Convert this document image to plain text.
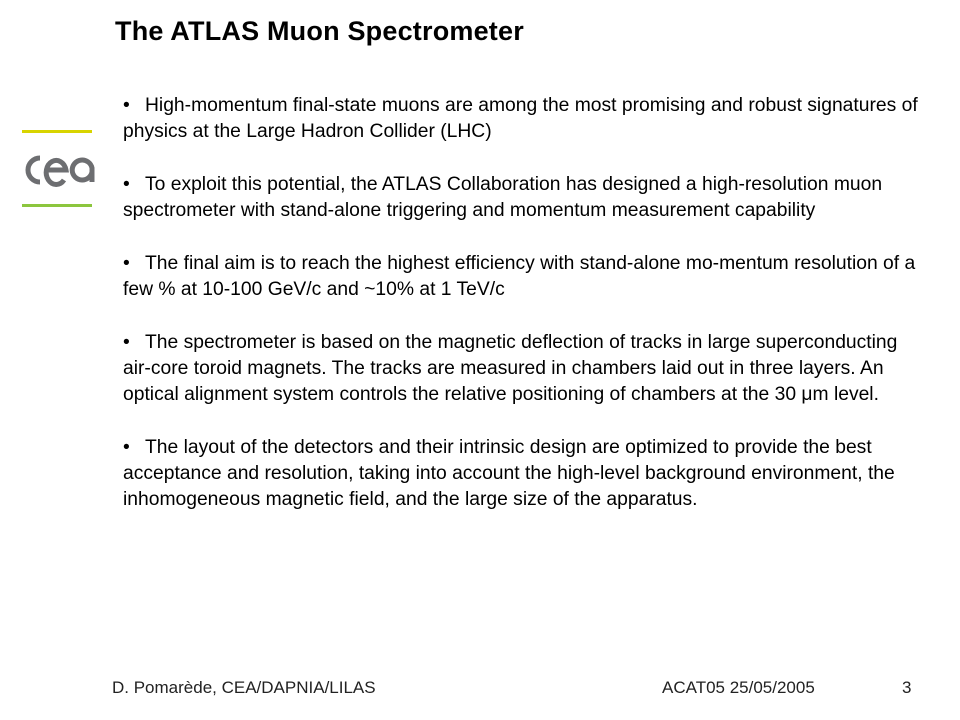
The ATLAS Muon Spectrometer
• High-momentum final-state muons are among the most promising and robust signatures of physics at the Large Hadron Collider (LHC)
• To exploit this potential, the ATLAS Collaboration has designed a high-resolution muon spectrometer with stand-alone triggering and momentum measurement capability
• The final aim is to reach the highest efficiency with stand-alone mo-mentum resolution of a few % at 10-100 GeV/c and ~10% at 1 TeV/c
• The spectrometer is based on the magnetic deflection of tracks in large superconducting air-core toroid magnets. The tracks are measured in chambers laid out in three layers. An optical alignment system controls the relative positioning of chambers at the 30 μm level.
• The layout of the detectors and their intrinsic design are optimized to provide the best acceptance and resolution, taking into account the high-level background environment, the inhomogeneous magnetic field, and the large size of the apparatus.
D. Pomarède, CEA/DAPNIA/LILAS	ACAT05 25/05/2005	3
